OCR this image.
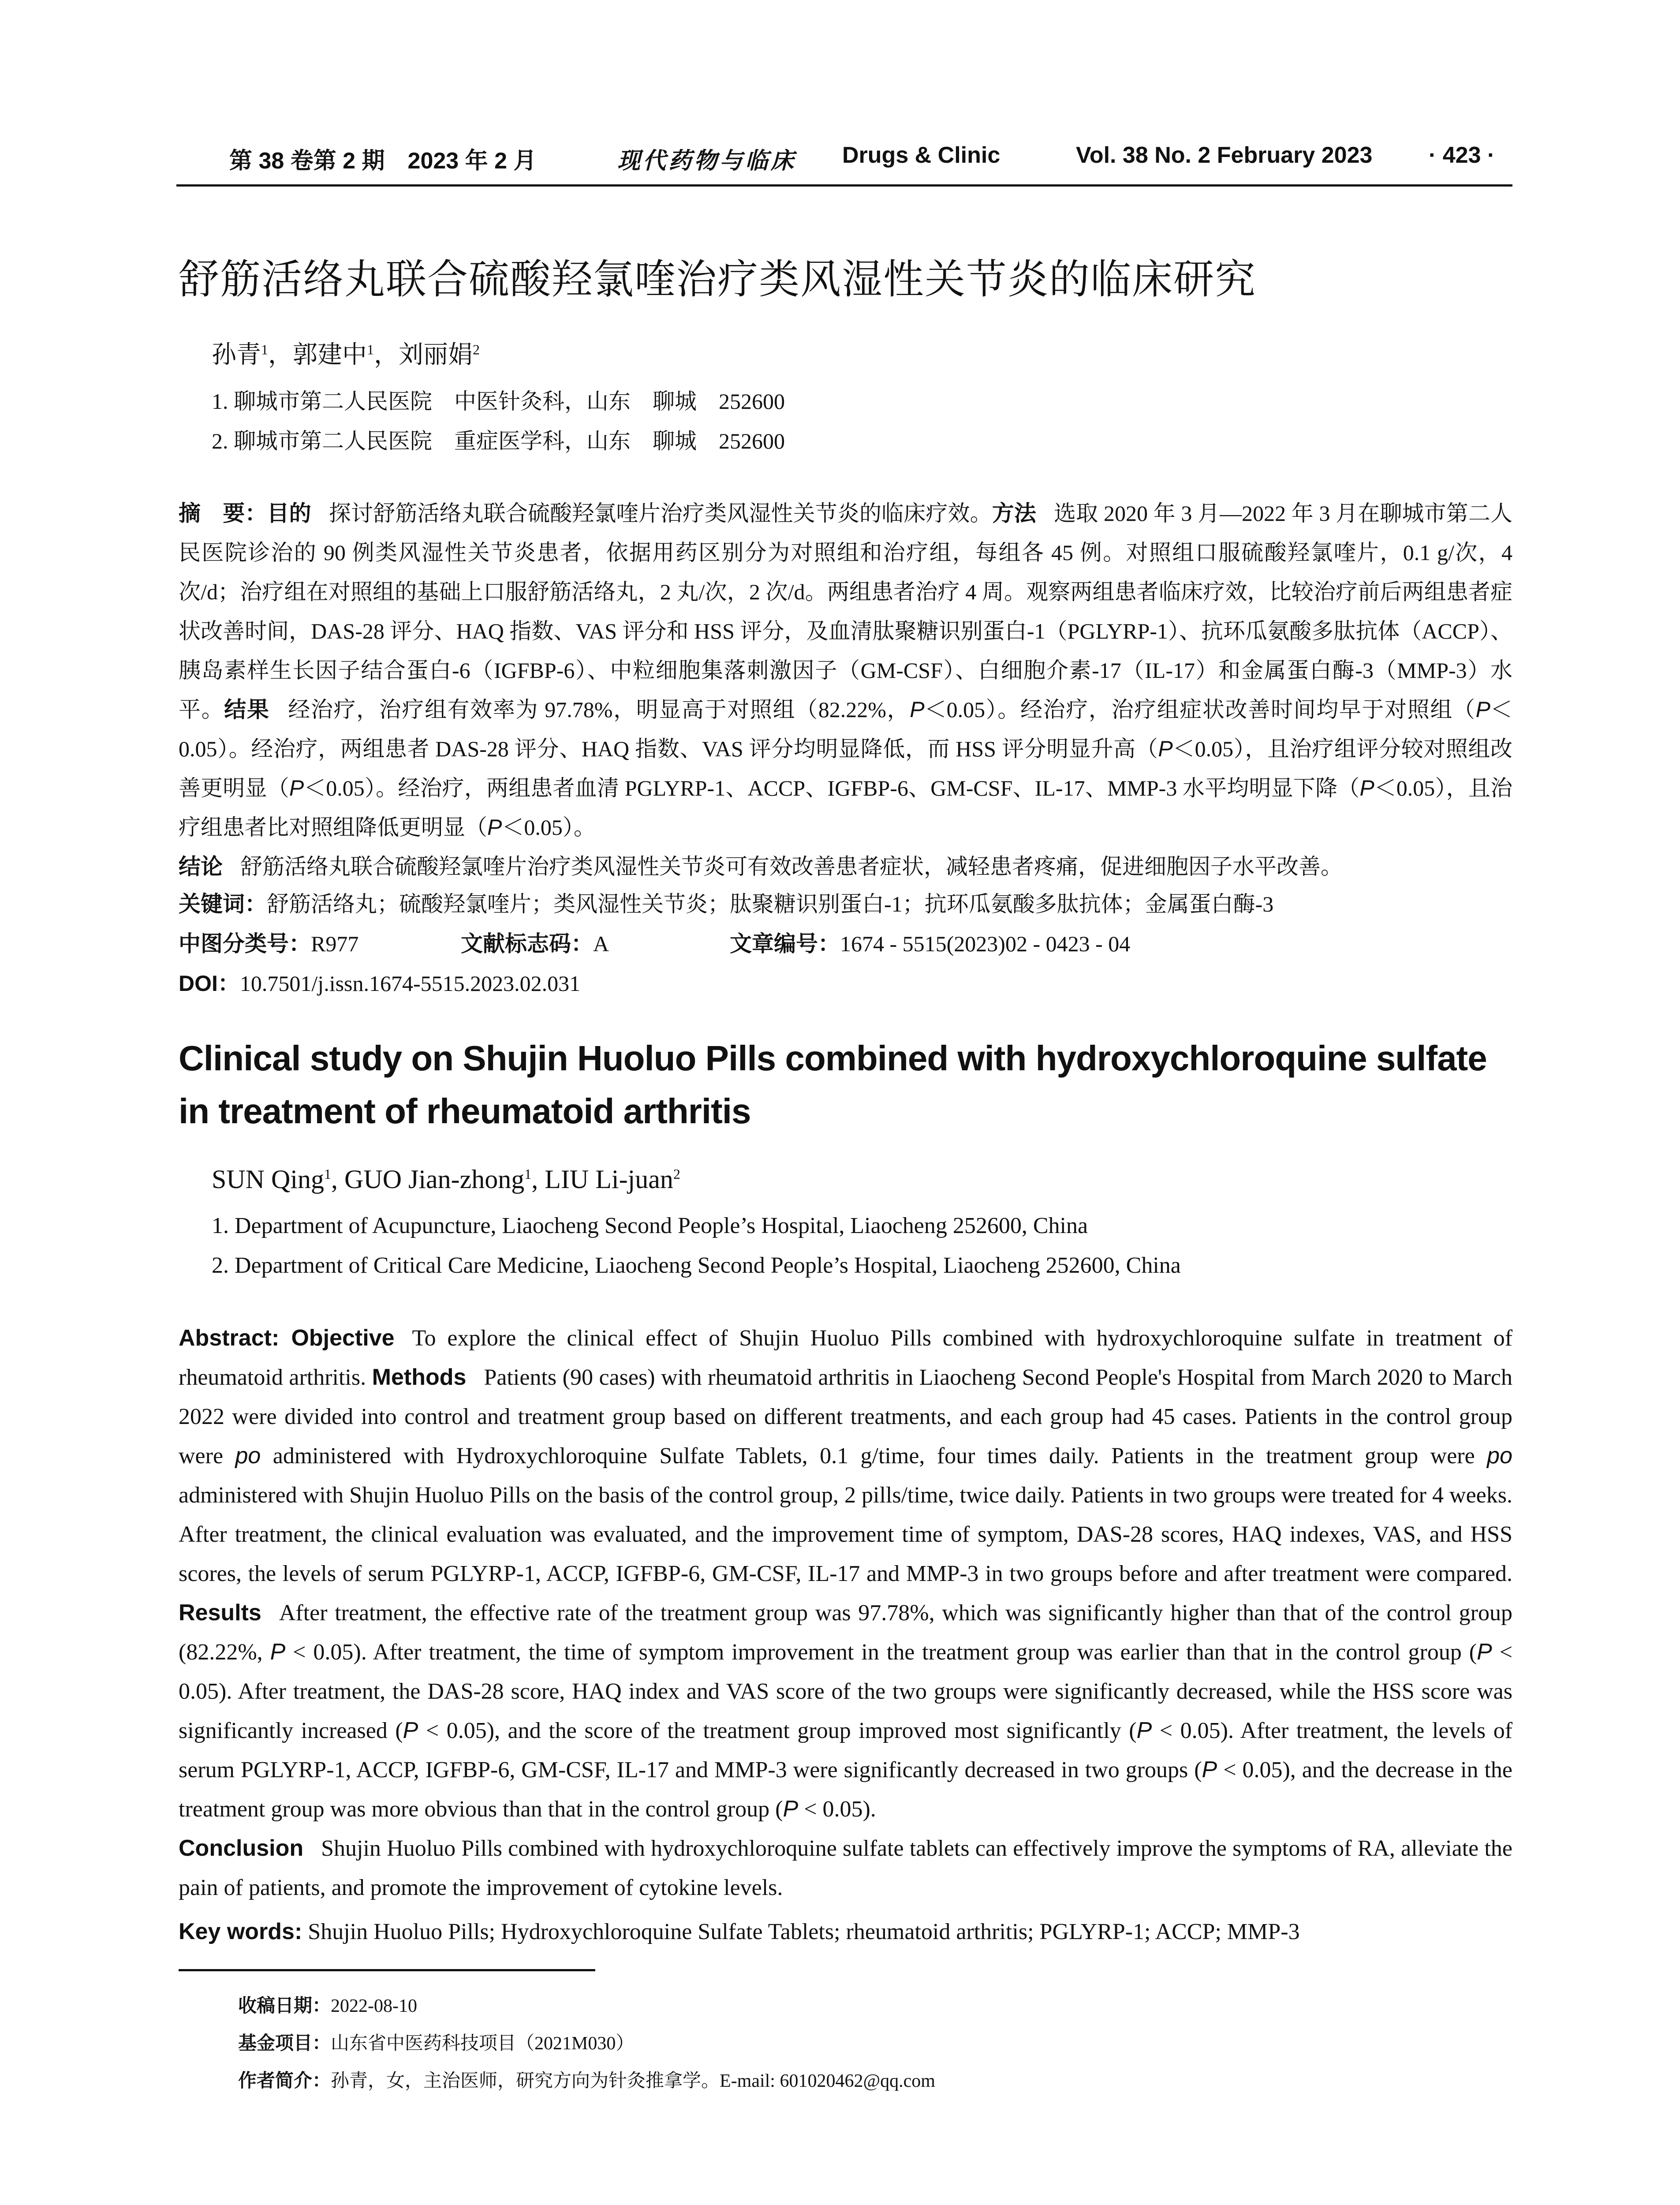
第 38 卷第 2 期　2023 年 2 月	现代药物与临床 Drugs & Clinic	Vol. 38 No. 2 February 2023 · 423 ·
舒筋活络丸联合硫酸羟氯喹治疗类风湿性关节炎的临床研究
孙青$^1$，郭建中$^1$，刘丽娟$^2$
1. 聊城市第二人民医院　中医针灸科，山东　聊城　252600
2. 聊城市第二人民医院　重症医学科，山东　聊城　252600
摘　要：目的 探讨舒筋活络丸联合硫酸羟氯喹片治疗类风湿性关节炎的临床疗效。方法 选取 2020 年 3 月—2022 年 3 月在聊城市第二人民医院诊治的 90 例类风湿性关节炎患者，依据用药区别分为对照组和治疗组，每组各 45 例。对照组口服硫酸羟氯喹片，0.1 g/次，4 次/d；治疗组在对照组的基础上口服舒筋活络丸，2 丸/次，2 次/d。两组患者治疗 4 周。观察两组患者临床疗效，比较治疗前后两组患者症状改善时间，DAS-28 评分、HAQ 指数、VAS 评分和 HSS 评分，及血清肽聚糖识别蛋白-1（PGLYRP-1）、抗环瓜氨酸多肽抗体（ACCP）、胰岛素样生长因子结合蛋白-6（IGFBP-6）、中粒细胞集落刺激因子（GM-CSF）、白细胞介素-17（IL-17）和金属蛋白酶-3（MMP-3）水平。结果 经治疗，治疗组有效率为 97.78%，明显高于对照组（82.22%，P＜0.05）。经治疗，治疗组症状改善时间均早于对照组（P＜0.05）。经治疗，两组患者 DAS-28 评分、HAQ 指数、VAS 评分均明显降低，而 HSS 评分明显升高（P＜0.05），且治疗组评分较对照组改善更明显（P＜0.05）。经治疗，两组患者血清 PGLYRP-1、ACCP、IGFBP-6、GM-CSF、IL-17、MMP-3 水平均明显下降（P＜0.05），且治疗组患者比对照组降低更明显（P＜0.05）。
结论 舒筋活络丸联合硫酸羟氯喹片治疗类风湿性关节炎可有效改善患者症状，减轻患者疼痛，促进细胞因子水平改善。
关键词：舒筋活络丸；硫酸羟氯喹片；类风湿性关节炎；肽聚糖识别蛋白-1；抗环瓜氨酸多肽抗体；金属蛋白酶-3
中图分类号：R977	文献标志码：A	文章编号：1674 - 5515(2023)02 - 0423 - 04
DOI：10.7501/j.issn.1674-5515.2023.02.031
Clinical study on Shujin Huoluo Pills combined with hydroxychloroquine sulfate in treatment of rheumatoid arthritis
SUN Qing$^1$, GUO Jian-zhong$^1$, LIU Li-juan$^2$
1. Department of Acupuncture, Liaocheng Second People’s Hospital, Liaocheng 252600, China
2. Department of Critical Care Medicine, Liaocheng Second People’s Hospital, Liaocheng 252600, China
Abstract: Objective To explore the clinical effect of Shujin Huoluo Pills combined with hydroxychloroquine sulfate in treatment of rheumatoid arthritis. Methods Patients (90 cases) with rheumatoid arthritis in Liaocheng Second People's Hospital from March 2020 to March 2022 were divided into control and treatment group based on different treatments, and each group had 45 cases. Patients in the control group were po administered with Hydroxychloroquine Sulfate Tablets, 0.1 g/time, four times daily. Patients in the treatment group were po administered with Shujin Huoluo Pills on the basis of the control group, 2 pills/time, twice daily. Patients in two groups were treated for 4 weeks. After treatment, the clinical evaluation was evaluated, and the improvement time of symptom, DAS-28 scores, HAQ indexes, VAS, and HSS scores, the levels of serum PGLYRP-1, ACCP, IGFBP-6, GM-CSF, IL-17 and MMP-3 in two groups before and after treatment were compared. Results After treatment, the effective rate of the treatment group was 97.78%, which was significantly higher than that of the control group (82.22%, P < 0.05). After treatment, the time of symptom improvement in the treatment group was earlier than that in the control group (P < 0.05). After treatment, the DAS-28 score, HAQ index and VAS score of the two groups were significantly decreased, while the HSS score was significantly increased (P < 0.05), and the score of the treatment group improved most significantly (P < 0.05). After treatment, the levels of serum PGLYRP-1, ACCP, IGFBP-6, GM-CSF, IL-17 and MMP-3 were significantly decreased in two groups (P < 0.05), and the decrease in the treatment group was more obvious than that in the control group (P < 0.05).
Conclusion Shujin Huoluo Pills combined with hydroxychloroquine sulfate tablets can effectively improve the symptoms of RA, alleviate the pain of patients, and promote the improvement of cytokine levels.
Key words: Shujin Huoluo Pills; Hydroxychloroquine Sulfate Tablets; rheumatoid arthritis; PGLYRP-1; ACCP; MMP-3
收稿日期：2022-08-10
基金项目：山东省中医药科技项目（2021M030）
作者简介：孙青，女，主治医师，研究方向为针灸推拿学。E-mail: 601020462@qq.com
